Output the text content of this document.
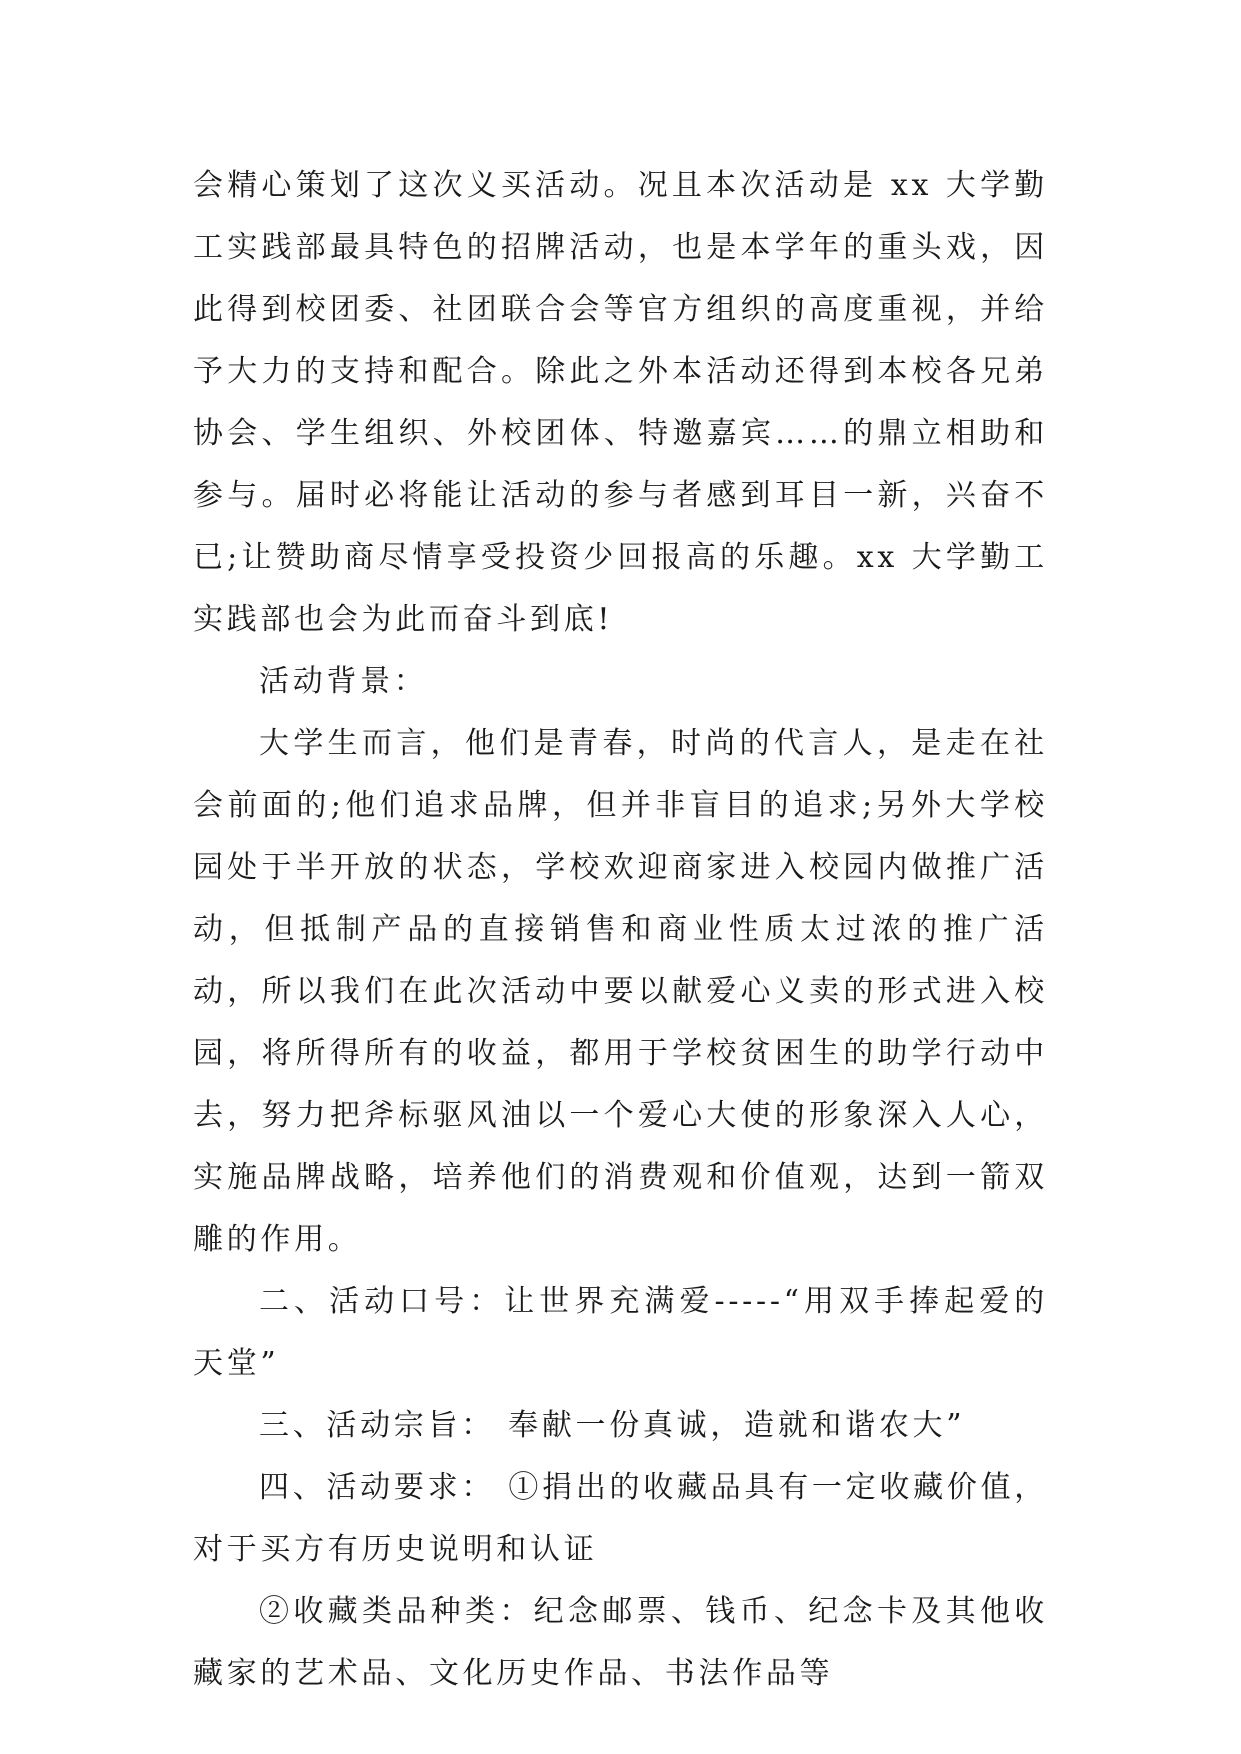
会精心策划了这次义买活动。况且本次活动是 xx 大学勤工实践部最具特色的招牌活动，也是本学年的重头戏，因此得到校团委、社团联合会等官方组织的高度重视，并给予大力的支持和配合。除此之外本活动还得到本校各兄弟协会、学生组织、外校团体、特邀嘉宾……的鼎立相助和参与。届时必将能让活动的参与者感到耳目一新，兴奋不已;让赞助商尽情享受投资少回报高的乐趣。xx 大学勤工实践部也会为此而奋斗到底!

活动背景：

大学生而言，他们是青春，时尚的代言人，是走在社会前面的;他们追求品牌，但并非盲目的追求;另外大学校园处于半开放的状态，学校欢迎商家进入校园内做推广活动，但抵制产品的直接销售和商业性质太过浓的推广活动，所以我们在此次活动中要以献爱心义卖的形式进入校园，将所得所有的收益，都用于学校贫困生的助学行动中去，努力把斧标驱风油以一个爱心大使的形象深入人心，实施品牌战略，培养他们的消费观和价值观，达到一箭双雕的作用。

二、活动口号：让世界充满爱-----“用双手捧起爱的天堂”

三、活动宗旨： 奉献一份真诚，造就和谐农大”

四、活动要求： ①捐出的收藏品具有一定收藏价值，对于买方有历史说明和认证

②收藏类品种类：纪念邮票、钱币、纪念卡及其他收藏家的艺术品、文化历史作品、书法作品等
